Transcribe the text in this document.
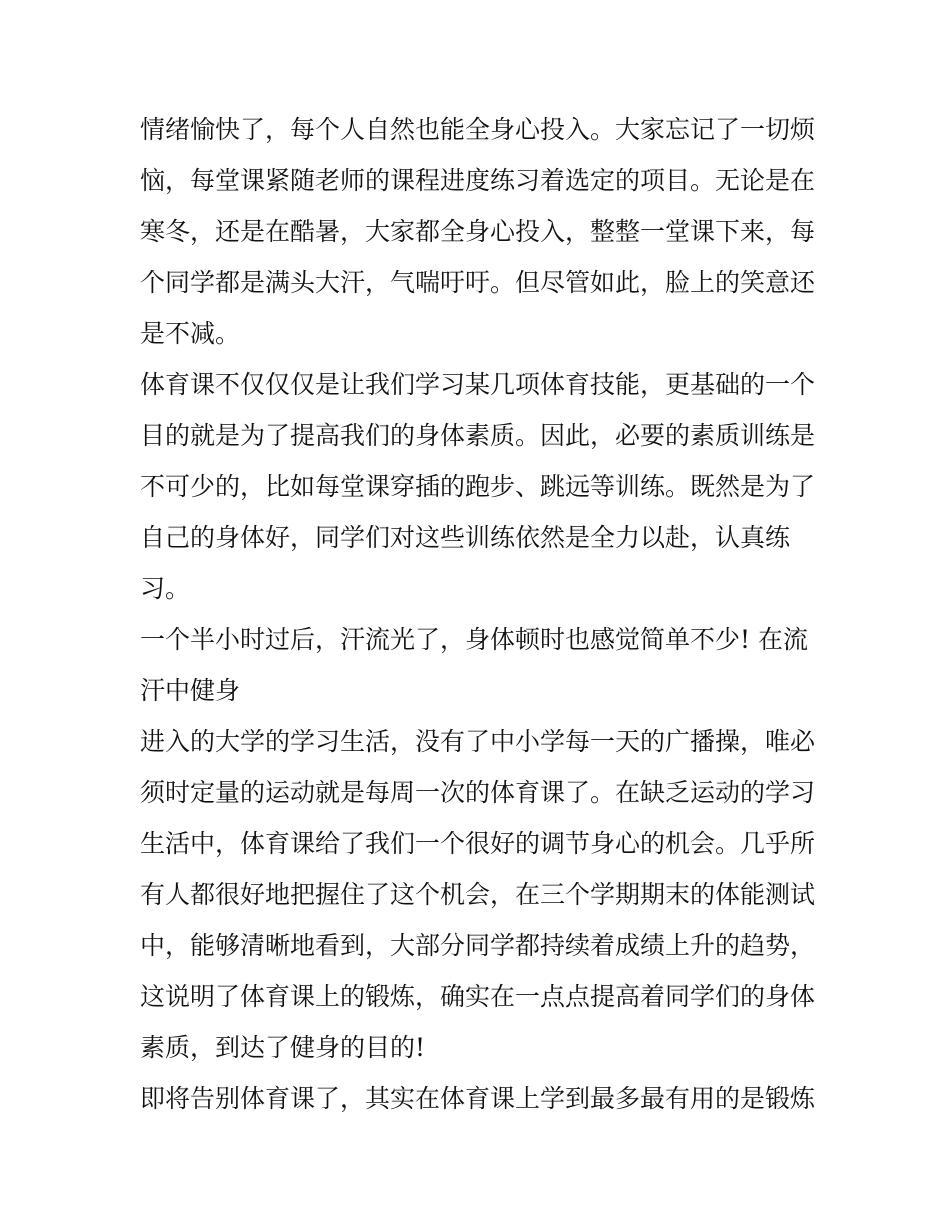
情绪愉快了，每个人自然也能全身心投入。大家忘记了一切烦
恼，每堂课紧随老师的课程进度练习着选定的项目。无论是在
寒冬，还是在酷暑，大家都全身心投入，整整一堂课下来，每
个同学都是满头大汗，气喘吁吁。但尽管如此，脸上的笑意还
是不减。
体育课不仅仅仅是让我们学习某几项体育技能，更基础的一个
目的就是为了提高我们的身体素质。因此，必要的素质训练是
不可少的，比如每堂课穿插的跑步、跳远等训练。既然是为了
自己的身体好，同学们对这些训练依然是全力以赴，认真练
习。
一个半小时过后，汗流光了，身体顿时也感觉简单不少! 在流
汗中健身
进入的大学的学习生活，没有了中小学每一天的广播操，唯必
须时定量的运动就是每周一次的体育课了。在缺乏运动的学习
生活中，体育课给了我们一个很好的调节身心的机会。几乎所
有人都很好地把握住了这个机会，在三个学期期末的体能测试
中，能够清晰地看到，大部分同学都持续着成绩上升的趋势，
这说明了体育课上的锻炼，确实在一点点提高着同学们的身体
素质，到达了健身的目的!
即将告别体育课了，其实在体育课上学到最多最有用的是锻炼
